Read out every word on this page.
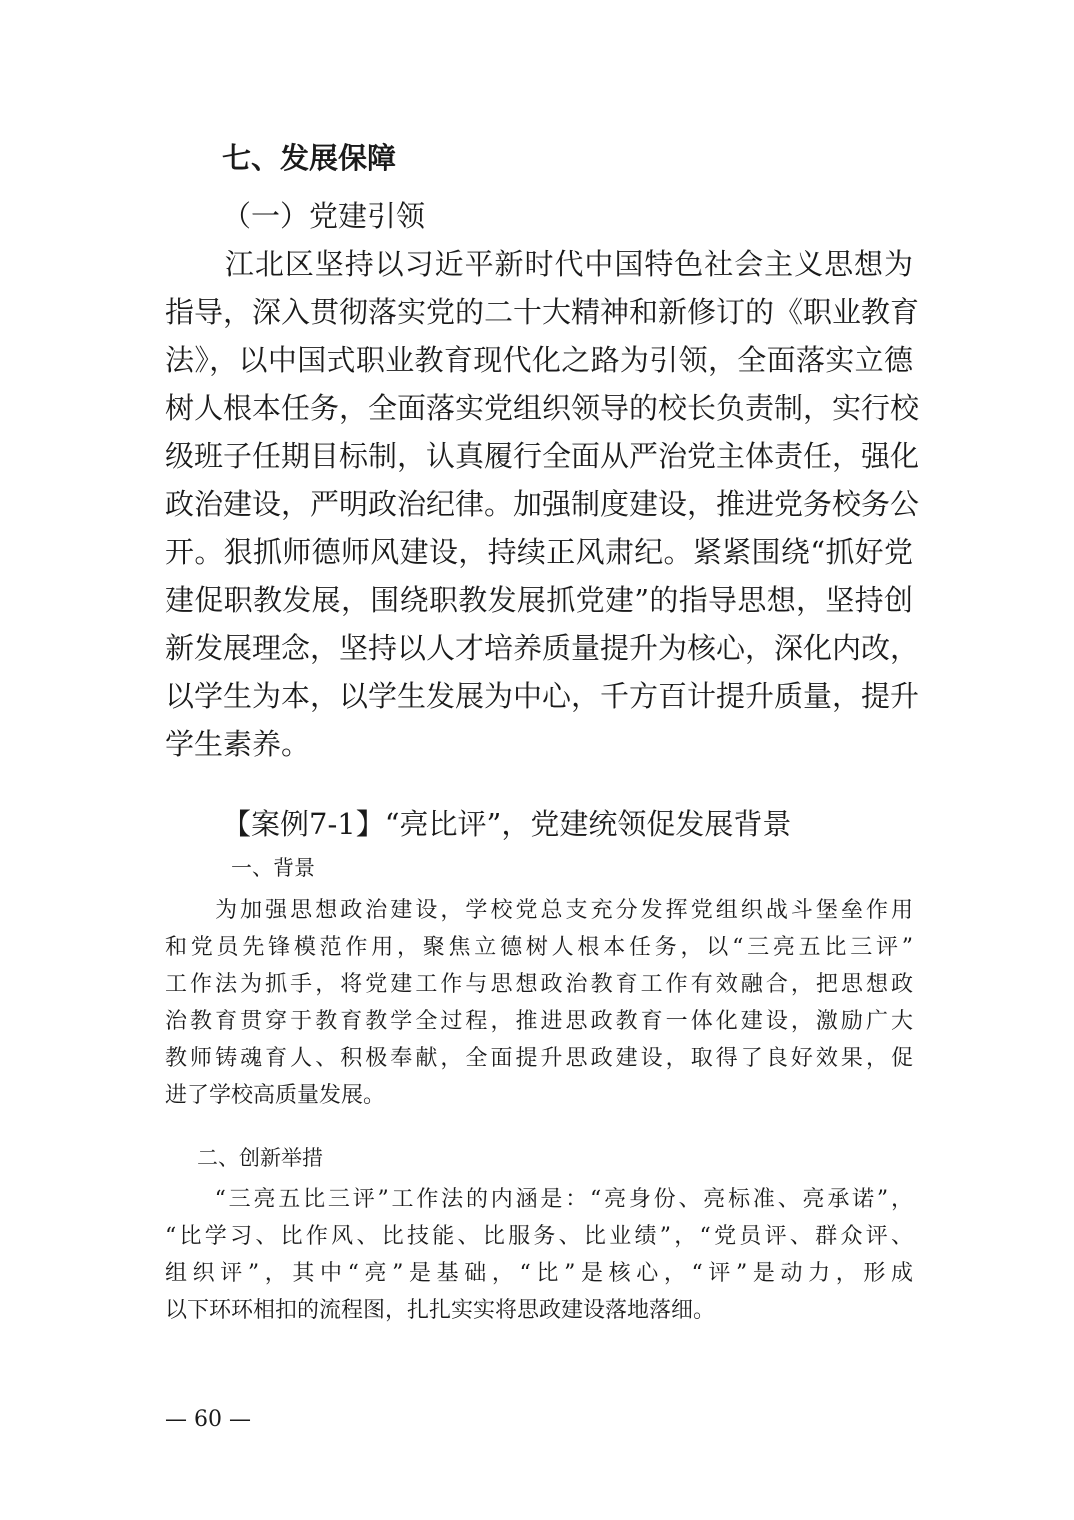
七、发展保障
（一）党建引领
　　江北区坚持以习近平新时代中国特色社会主义思想为
指导，深入贯彻落实党的二十大精神和新修订的《职业教育
法》，以中国式职业教育现代化之路为引领，全面落实立德
树人根本任务，全面落实党组织领导的校长负责制，实行校
级班子任期目标制，认真履行全面从严治党主体责任，强化
政治建设，严明政治纪律。加强制度建设，推进党务校务公
开。狠抓师德师风建设，持续正风肃纪。紧紧围绕“抓好党
建促职教发展，围绕职教发展抓党建”的指导思想，坚持创
新发展理念，坚持以人才培养质量提升为核心，深化内改，
以学生为本，以学生发展为中心，千方百计提升质量，提升
学生素养。
【案例7-1】“亮比评”，党建统领促发展背景
一、背景
　　为加强思想政治建设，学校党总支充分发挥党组织战斗堡垒作用
和党员先锋模范作用，聚焦立德树人根本任务，以“三亮五比三评”
工作法为抓手，将党建工作与思想政治教育工作有效融合，把思想政
治教育贯穿于教育教学全过程，推进思政教育一体化建设，激励广大
教师铸魂育人、积极奉献，全面提升思政建设，取得了良好效果，促
进了学校高质量发展。
二、创新举措
　　“三亮五比三评”工作法的内涵是：“亮身份、亮标准、亮承诺”，
“比学习、比作风、比技能、比服务、比业绩”，“党员评、群众评、
组织评”，其中“亮”是基础，“比”是核心，“评”是动力，形成
以下环环相扣的流程图，扎扎实实将思政建设落地落细。
— 60 —
